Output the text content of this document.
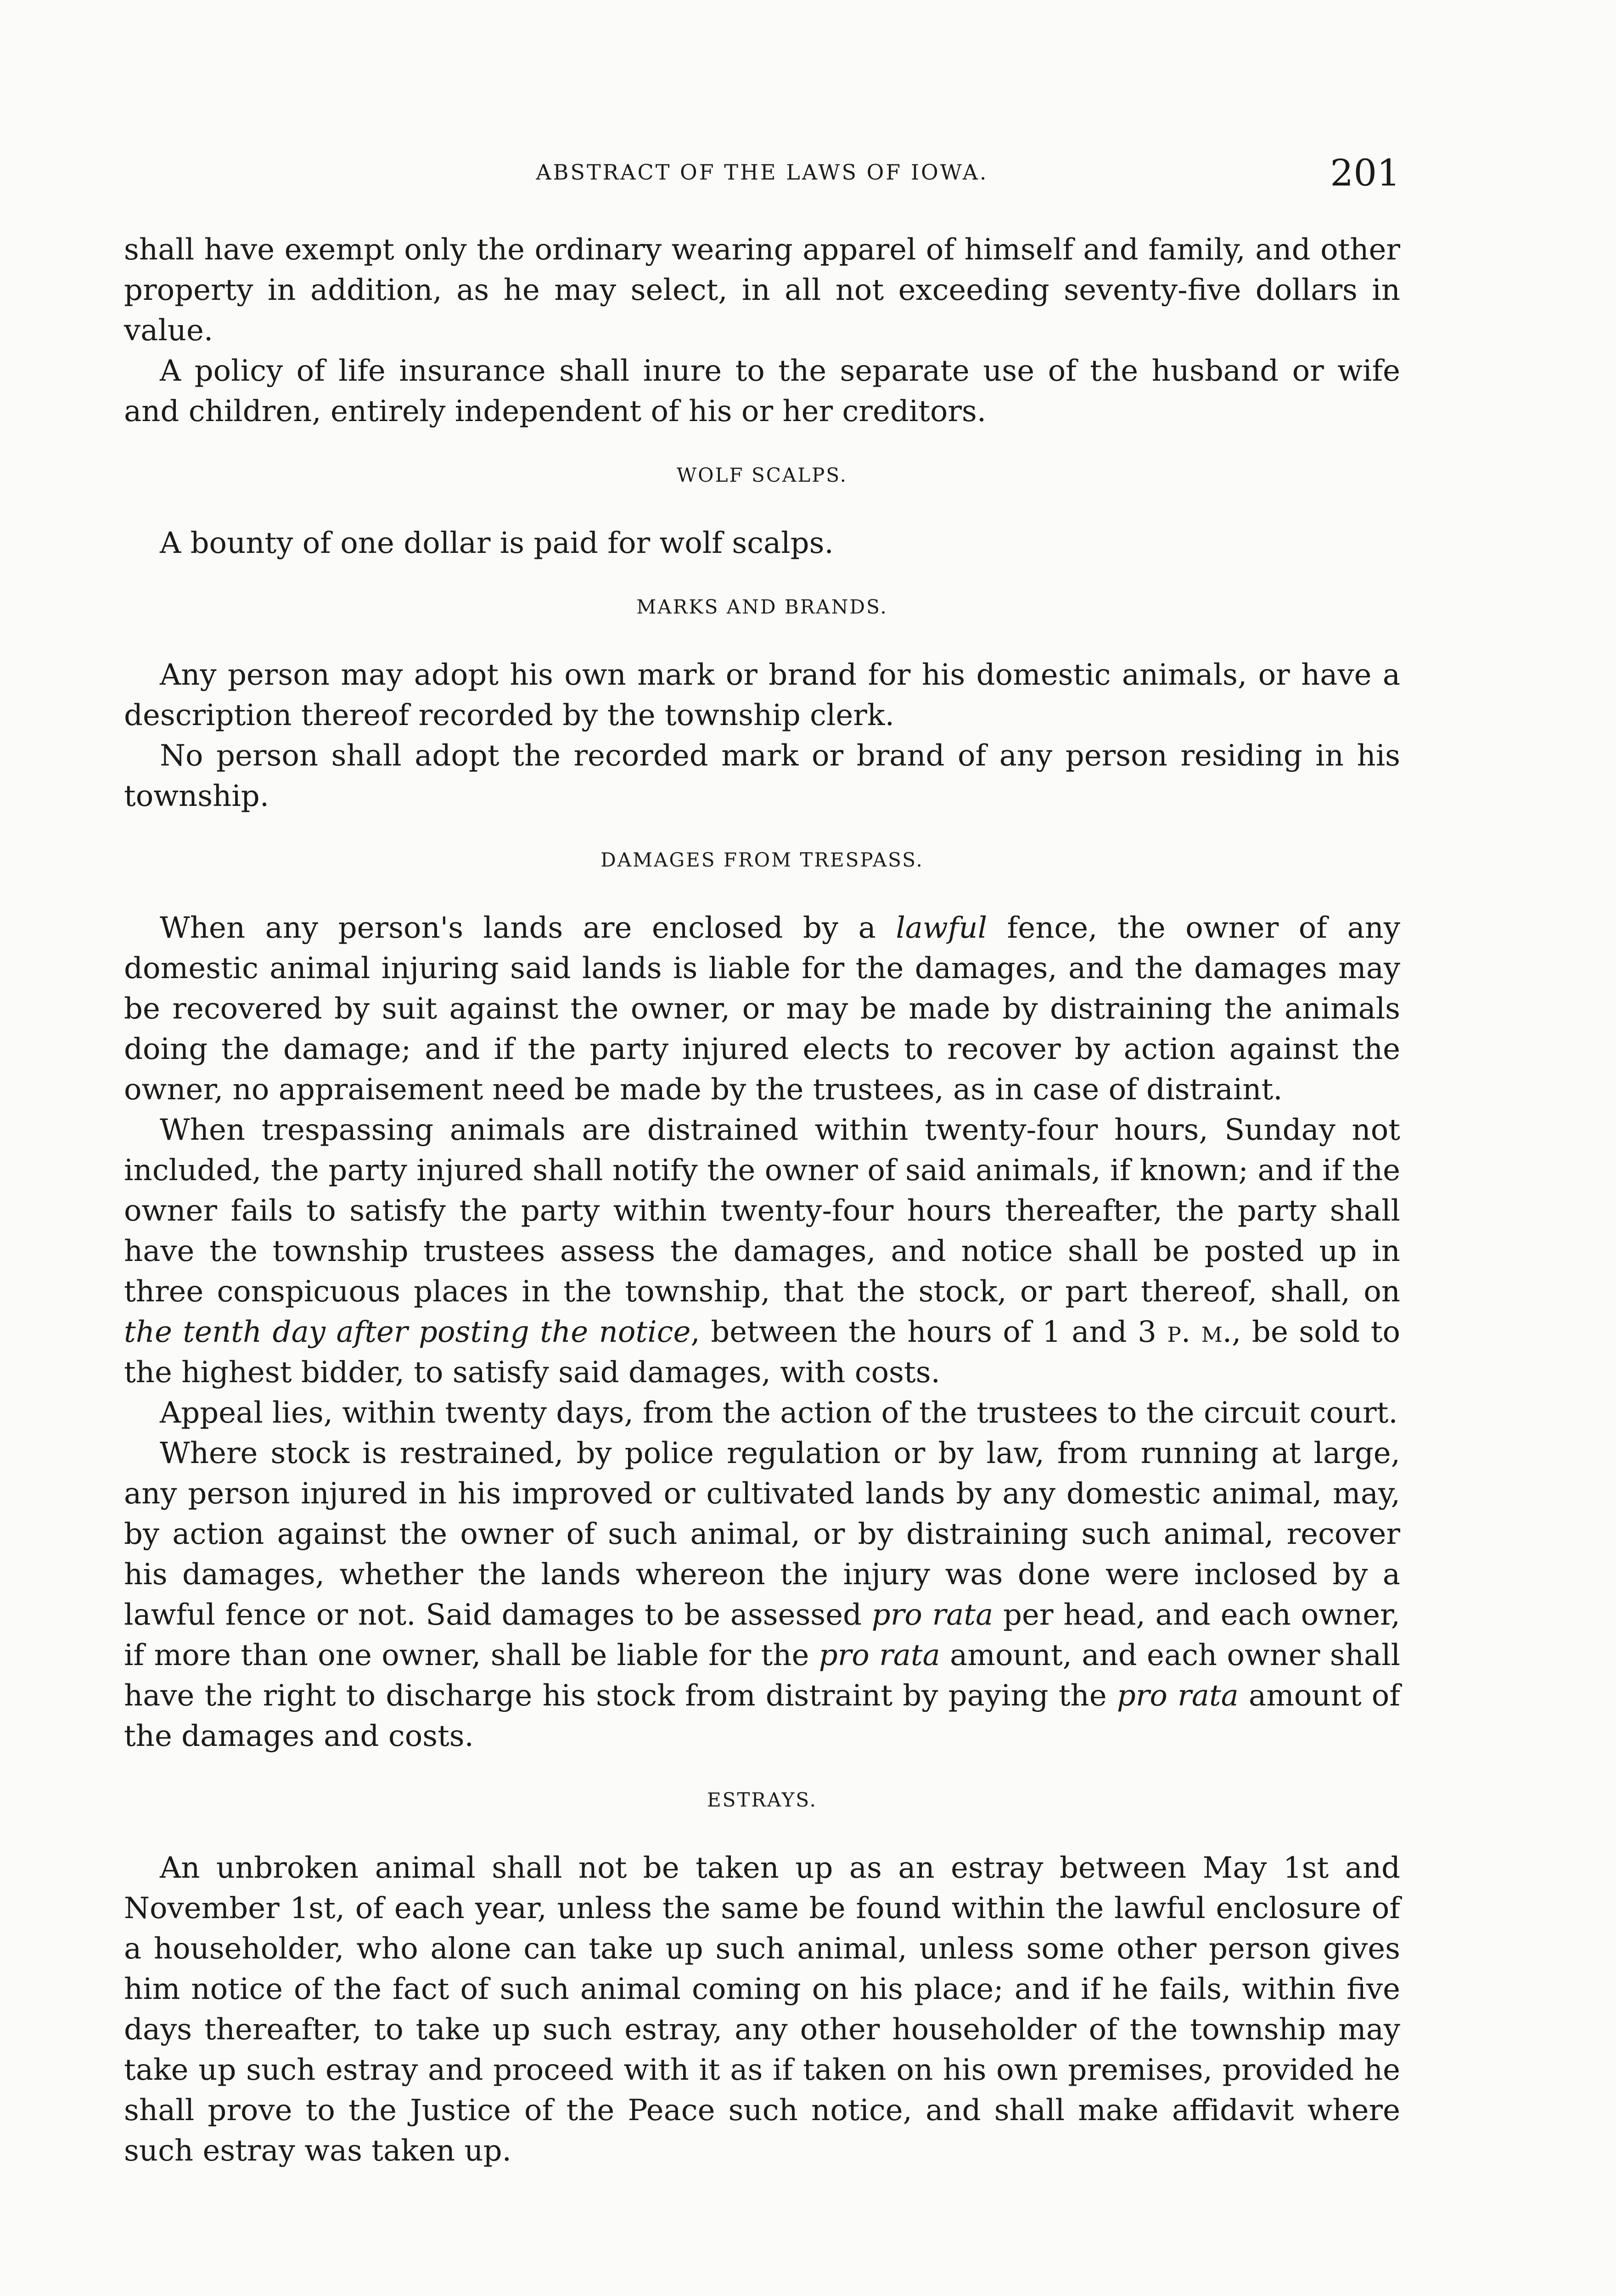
ABSTRACT OF THE LAWS OF IOWA.	201

shall have exempt only the ordinary wearing apparel of himself and family, and other property in addition, as he may select, in all not exceeding seventy-five dollars in value.

A policy of life insurance shall inure to the separate use of the husband or wife and children, entirely independent of his or her creditors.

WOLF SCALPS.

A bounty of one dollar is paid for wolf scalps.

MARKS AND BRANDS.

Any person may adopt his own mark or brand for his domestic animals, or have a description thereof recorded by the township clerk.

No person shall adopt the recorded mark or brand of any person residing in his township.

DAMAGES FROM TRESPASS.

When any person's lands are enclosed by a lawful fence, the owner of any domestic animal injuring said lands is liable for the damages, and the damages may be recovered by suit against the owner, or may be made by distraining the animals doing the damage; and if the party injured elects to recover by action against the owner, no appraisement need be made by the trustees, as in case of distraint.

When trespassing animals are distrained within twenty-four hours, Sunday not included, the party injured shall notify the owner of said animals, if known; and if the owner fails to satisfy the party within twenty-four hours thereafter, the party shall have the township trustees assess the damages, and notice shall be posted up in three conspicuous places in the township, that the stock, or part thereof, shall, on the tenth day after posting the notice, between the hours of 1 and 3 p. m., be sold to the highest bidder, to satisfy said damages, with costs.

Appeal lies, within twenty days, from the action of the trustees to the circuit court.

Where stock is restrained, by police regulation or by law, from running at large, any person injured in his improved or cultivated lands by any domestic animal, may, by action against the owner of such animal, or by distraining such animal, recover his damages, whether the lands whereon the injury was done were inclosed by a lawful fence or not. Said damages to be assessed pro rata per head, and each owner, if more than one owner, shall be liable for the pro rata amount, and each owner shall have the right to discharge his stock from distraint by paying the pro rata amount of the damages and costs.

ESTRAYS.

An unbroken animal shall not be taken up as an estray between May 1st and November 1st, of each year, unless the same be found within the lawful enclosure of a householder, who alone can take up such animal, unless some other person gives him notice of the fact of such animal coming on his place; and if he fails, within five days thereafter, to take up such estray, any other householder of the township may take up such estray and proceed with it as if taken on his own premises, provided he shall prove to the Justice of the Peace such notice, and shall make affidavit where such estray was taken up.
